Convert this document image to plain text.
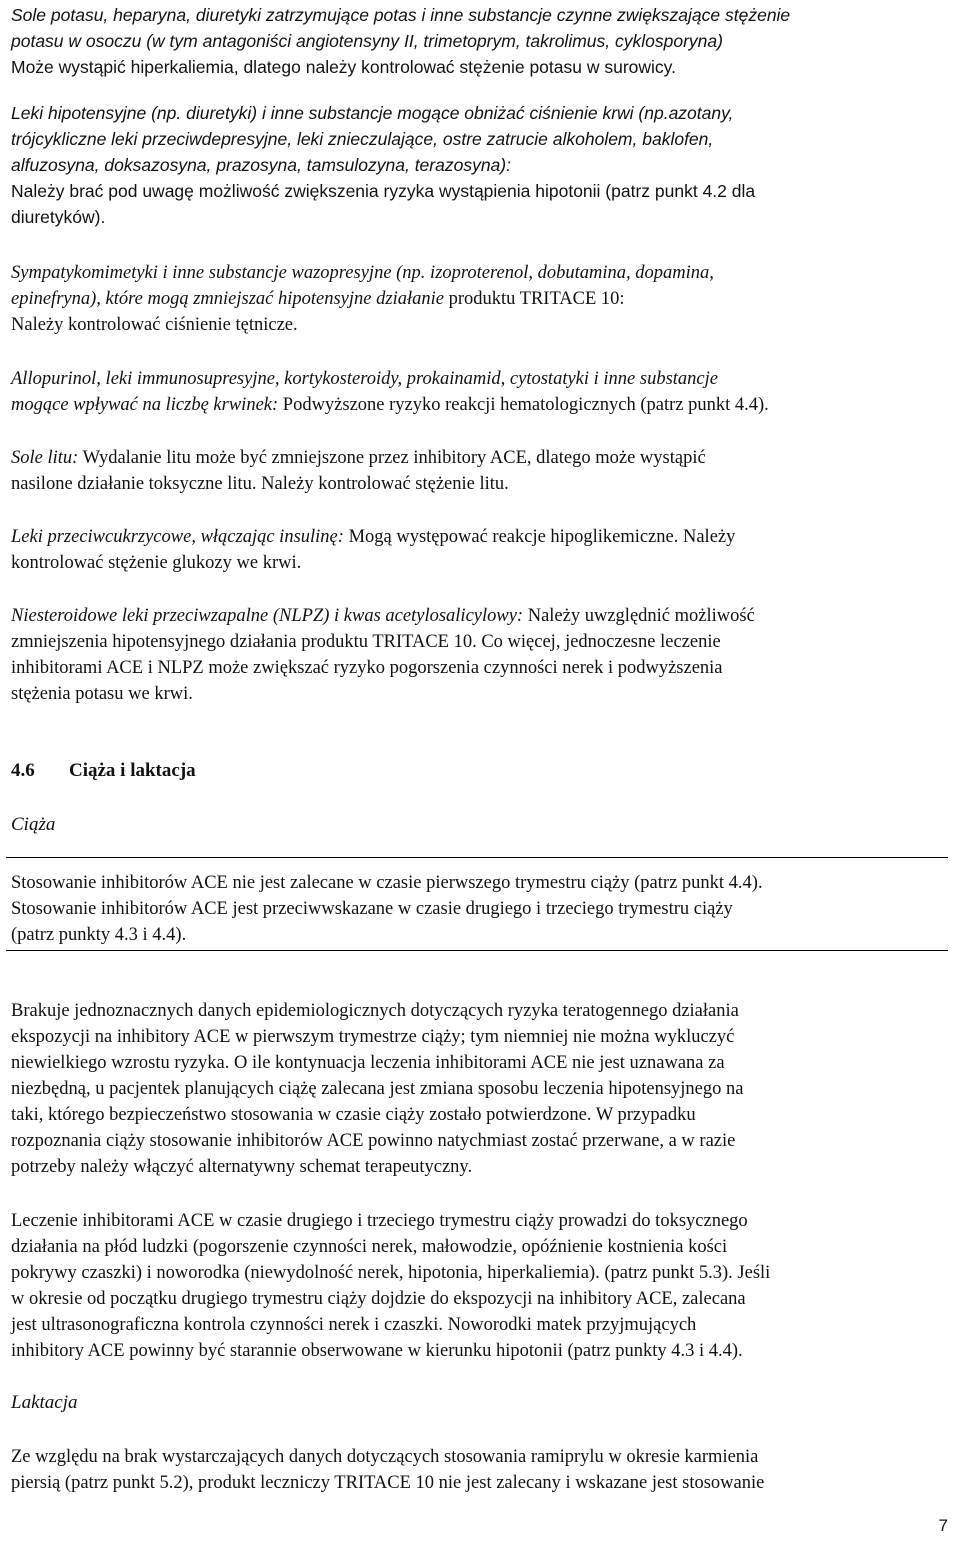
Sole potasu, heparyna, diuretyki zatrzymujące potas i inne substancje czynne zwiększające stężenie

potasu w osoczu (w tym antagoniści angiotensyny II, trimetoprym, takrolimus, cyklosporyna)

Może wystąpić hiperkaliemia, dlatego należy kontrolować stężenie potasu w surowicy.

Leki hipotensyjne (np. diuretyki) i inne substancje mogące obniżać ciśnienie krwi (np.azotany,

trójcykliczne leki przeciwdepresyjne, leki znieczulające, ostre zatrucie alkoholem, baklofen,

alfuzosyna, doksazosyna, prazosyna, tamsulozyna, terazosyna):

Należy brać pod uwagę możliwość zwiększenia ryzyka wystąpienia hipotonii (patrz punkt 4.2 dla

diuretyków).

Sympatykomimetyki i inne substancje wazopresyjne (np. izoproterenol, dobutamina, dopamina,

epinefryna), które mogą zmniejszać hipotensyjne działanie produktu TRITACE 10:

Należy kontrolować ciśnienie tętnicze.

Allopurinol, leki immunosupresyjne, kortykosteroidy, prokainamid, cytostatyki i inne substancje

mogące wpływać na liczbę krwinek: Podwyższone ryzyko reakcji hematologicznych (patrz punkt 4.4).

Sole litu: Wydalanie litu może być zmniejszone przez inhibitory ACE, dlatego może wystąpić

nasilone działanie toksyczne litu. Należy kontrolować stężenie litu.

Leki przeciwcukrzycowe, włączając insulinę: Mogą występować reakcje hipoglikemiczne. Należy

kontrolować stężenie glukozy we krwi.

Niesteroidowe leki przeciwzapalne (NLPZ) i kwas acetylosalicylowy: Należy uwzględnić możliwość

zmniejszenia hipotensyjnego działania produktu TRITACE 10. Co więcej, jednoczesne leczenie

inhibitorami ACE i NLPZ może zwiększać ryzyko pogorszenia czynności nerek i podwyższenia

stężenia potasu we krwi.

4.6 Ciąża i laktacja
Ciąża

Stosowanie inhibitorów ACE nie jest zalecane w czasie pierwszego trymestru ciąży (patrz punkt 4.4).

Stosowanie inhibitorów ACE jest przeciwwskazane w czasie drugiego i trzeciego trymestru ciąży

(patrz punkty 4.3 i 4.4).

Brakuje jednoznacznych danych epidemiologicznych dotyczących ryzyka teratogennego działania

ekspozycji na inhibitory ACE w pierwszym trymestrze ciąży; tym niemniej nie można wykluczyć

niewielkiego wzrostu ryzyka. O ile kontynuacja leczenia inhibitorami ACE nie jest uznawana za

niezbędną, u pacjentek planujących ciążę zalecana jest zmiana sposobu leczenia hipotensyjnego na

taki, którego bezpieczeństwo stosowania w czasie ciąży zostało potwierdzone. W przypadku

rozpoznania ciąży stosowanie inhibitorów ACE powinno natychmiast zostać przerwane, a w razie

potrzeby należy włączyć alternatywny schemat terapeutyczny.

Leczenie inhibitorami ACE w czasie drugiego i trzeciego trymestru ciąży prowadzi do toksycznego

działania na płód ludzki (pogorszenie czynności nerek, małowodzie, opóźnienie kostnienia kości

pokrywy czaszki) i noworodka (niewydolność nerek, hipotonia, hiperkaliemia). (patrz punkt 5.3). Jeśli

w okresie od początku drugiego trymestru ciąży dojdzie do ekspozycji na inhibitory ACE, zalecana

jest ultrasonograficzna kontrola czynności nerek i czaszki. Noworodki matek przyjmujących

inhibitory ACE powinny być starannie obserwowane w kierunku hipotonii (patrz punkty 4.3 i 4.4).

Laktacja

Ze względu na brak wystarczających danych dotyczących stosowania ramiprylu w okresie karmienia

piersią (patrz punkt 5.2), produkt leczniczy TRITACE 10 nie jest zalecany i wskazane jest stosowanie

7
